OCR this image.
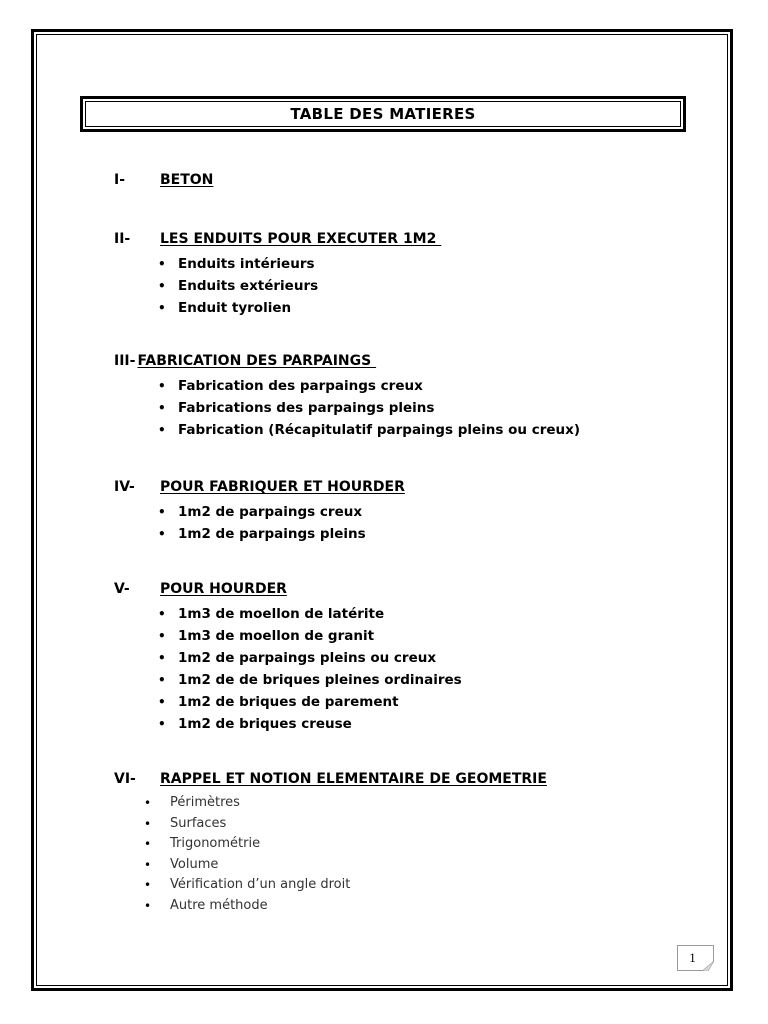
TABLE DES MATIERES
I-	BETON
II-	LES ENDUITS POUR EXECUTER 1M2
• Enduits intérieurs
• Enduits extérieurs
• Enduit tyrolien
III- FABRICATION DES PARPAINGS
• Fabrication des parpaings creux
• Fabrications des parpaings pleins
• Fabrication (Récapitulatif parpaings pleins ou creux)
IV-	POUR FABRIQUER ET HOURDER
• 1m2 de parpaings creux
• 1m2 de parpaings pleins
V-	POUR HOURDER
• 1m3 de moellon de latérite
• 1m3 de moellon de granit
• 1m2 de parpaings pleins ou creux
• 1m2 de de briques pleines ordinaires
• 1m2 de briques de parement
• 1m2 de briques creuse
VI-	RAPPEL ET NOTION ELEMENTAIRE DE GEOMETRIE
• Périmètres
• Surfaces
• Trigonométrie
• Volume
• Vérification d’un angle droit
• Autre méthode
1
